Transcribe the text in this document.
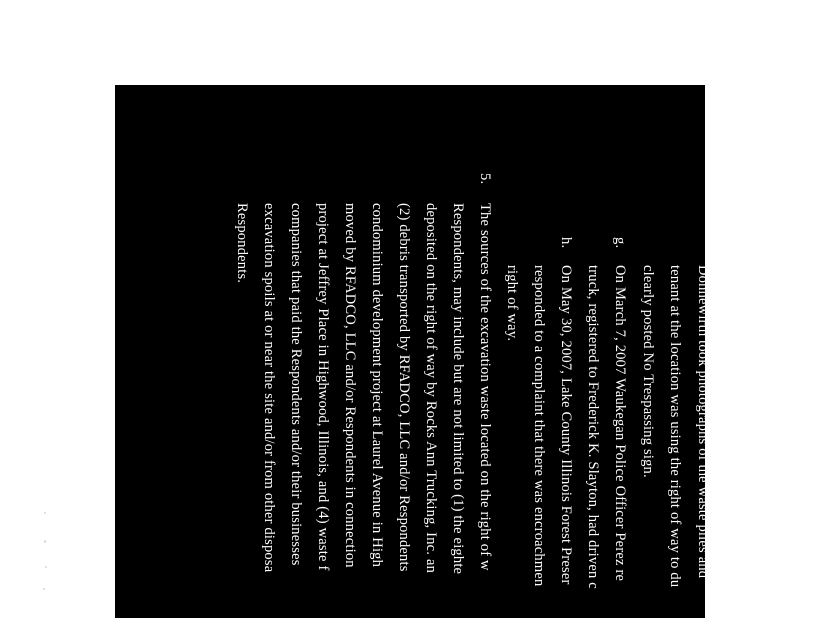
and that Ann Vole Slayton, his wife, was the presiden
Inc.
f.
Waukegan Police Office Donnewirth investigated th
during a visit to the Waukegan location on February 9
Donnewirth took photographs of the waste piles and
tenant at the location was using the right of way to du
clearly posted No Trespassing sign.
g.
On March 7, 2007 Waukegan Police Officer Perez re
truck, registered to Frederick K. Slayton, had driven c
h.
On May 30, 2007, Lake County Illinois Forest Preser
responded to a complaint that there was encroachmen
right of way.
5.
The sources of the excavation waste located on the right of w
Respondents, may include but are not limited to (1) the eighte
deposited on the right of way by Rocks Ann Trucking, Inc. an
(2) debris transported by RFADCO, LLC and/or Respondents
condominium development project at Laurel Avenue in High
moved by RFADCO, LLC and/or Respondents in connection
project at Jeffrey Place in Highwood, Illinois, and (4) waste f
companies that paid the Respondents and/or their businesses
excavation spoils at or near the site and/or from other disposa
Respondents.
